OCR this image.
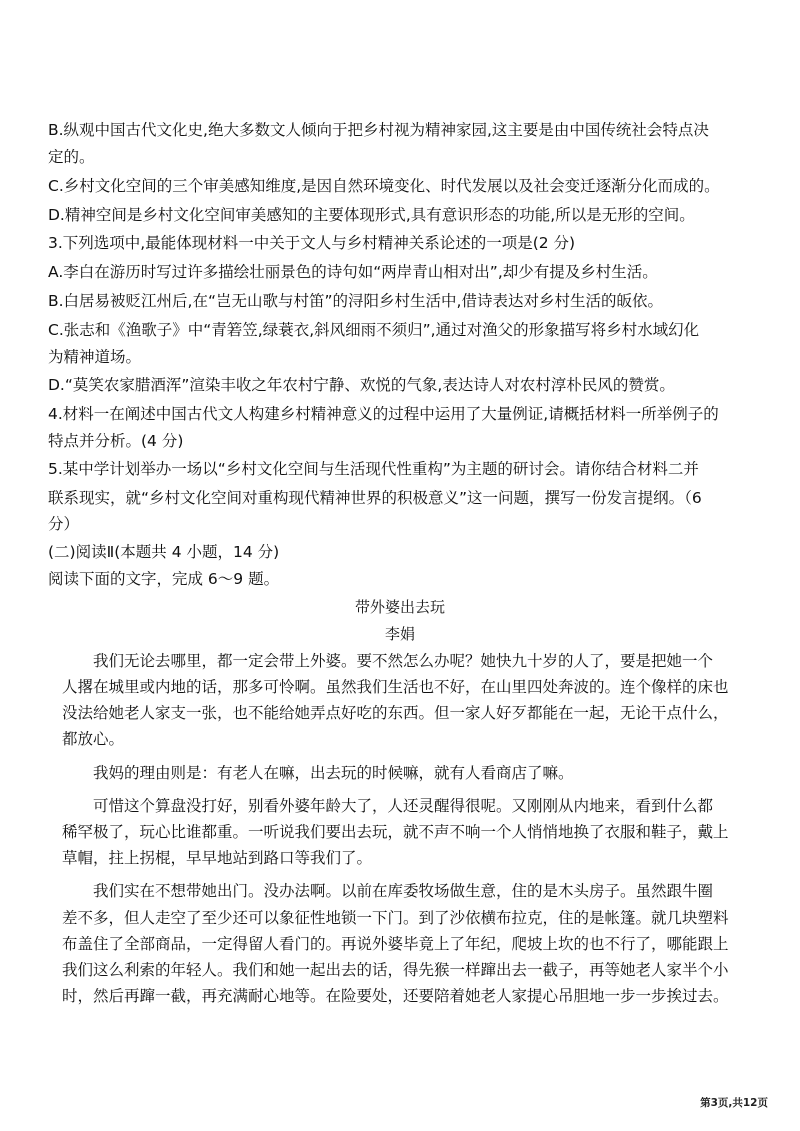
B.纵观中国古代文化史,绝大多数文人倾向于把乡村视为精神家园,这主要是由中国传统社会特点决
定的。
C.乡村文化空间的三个审美感知维度,是因自然环境变化、时代发展以及社会变迁逐渐分化而成的。
D.精神空间是乡村文化空间审美感知的主要体现形式,具有意识形态的功能,所以是无形的空间。
3.下列选项中,最能体现材料一中关于文人与乡村精神关系论述的一项是(2 分)
A.李白在游历时写过许多描绘壮丽景色的诗句如“两岸青山相对出”,却少有提及乡村生活。
B.白居易被贬江州后,在“岂无山歌与村笛”的浔阳乡村生活中,借诗表达对乡村生活的皈依。
C.张志和《渔歌子》中“青箬笠,绿蓑衣,斜风细雨不须归”,通过对渔父的形象描写将乡村水域幻化
为精神道场。
D.“莫笑农家腊酒浑”渲染丰收之年农村宁静、欢悦的气象,表达诗人对农村淳朴民风的赞赏。
4.材料一在阐述中国古代文人构建乡村精神意义的过程中运用了大量例证,请概括材料一所举例子的
特点并分析。(4 分)
5.某中学计划举办一场以“乡村文化空间与生活现代性重构”为主题的研讨会。请你结合材料二并
联系现实，就“乡村文化空间对重构现代精神世界的积极意义”这一问题，撰写一份发言提纲。（6
分）
(二)阅读Ⅱ(本题共 4 小题，14 分)
阅读下面的文字，完成 6～9 题。
带外婆出去玩
李娟
我们无论去哪里，都一定会带上外婆。要不然怎么办呢？她快九十岁的人了，要是把她一个
人撂在城里或内地的话，那多可怜啊。虽然我们生活也不好，在山里四处奔波的。连个像样的床也
没法给她老人家支一张，也不能给她弄点好吃的东西。但一家人好歹都能在一起，无论干点什么，
都放心。
我妈的理由则是：有老人在嘛，出去玩的时候嘛，就有人看商店了嘛。
可惜这个算盘没打好，别看外婆年龄大了，人还灵醒得很呢。又刚刚从内地来，看到什么都
稀罕极了，玩心比谁都重。一听说我们要出去玩，就不声不响一个人悄悄地换了衣服和鞋子，戴上
草帽，拄上拐棍，早早地站到路口等我们了。
我们实在不想带她出门。没办法啊。以前在库委牧场做生意，住的是木头房子。虽然跟牛圈
差不多，但人走空了至少还可以象征性地锁一下门。到了沙依横布拉克，住的是帐篷。就几块塑料
布盖住了全部商品，一定得留人看门的。再说外婆毕竟上了年纪，爬坡上坎的也不行了，哪能跟上
我们这么利索的年轻人。我们和她一起出去的话，得先猴一样蹿出去一截子，再等她老人家半个小
时，然后再蹿一截，再充满耐心地等。在险要处，还要陪着她老人家提心吊胆地一步一步挨过去。
第3页,共12页
